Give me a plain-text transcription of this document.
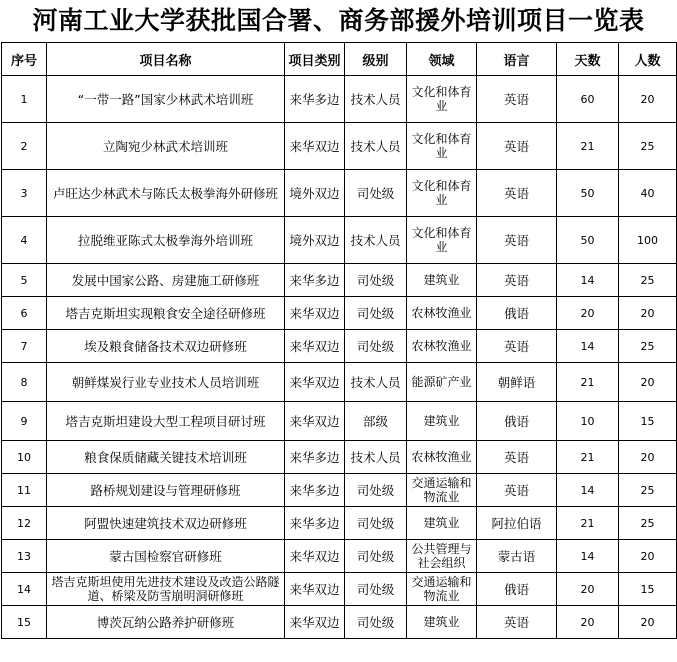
河南工业大学获批国合署、商务部援外培训项目一览表
序号	项目名称	项目类别	级别	领域	语言	天数	人数
1	“一带一路”国家少林武术培训班	来华多边	技术人员	文化和体育业	英语	60	20
2	立陶宛少林武术培训班	来华双边	技术人员	文化和体育业	英语	21	25
3	卢旺达少林武术与陈氏太极拳海外研修班	境外双边	司处级	文化和体育业	英语	50	40
4	拉脱维亚陈式太极拳海外培训班	境外双边	技术人员	文化和体育业	英语	50	100
5	发展中国家公路、房建施工研修班	来华多边	司处级	建筑业	英语	14	25
6	塔吉克斯坦实现粮食安全途径研修班	来华双边	司处级	农林牧渔业	俄语	20	20
7	埃及粮食储备技术双边研修班	来华双边	司处级	农林牧渔业	英语	14	25
8	朝鲜煤炭行业专业技术人员培训班	来华双边	技术人员	能源矿产业	朝鲜语	21	20
9	塔吉克斯坦建设大型工程项目研讨班	来华双边	部级	建筑业	俄语	10	15
10	粮食保质储藏关键技术培训班	来华多边	技术人员	农林牧渔业	英语	21	20
11	路桥规划建设与管理研修班	来华多边	司处级	交通运输和物流业	英语	14	25
12	阿盟快速建筑技术双边研修班	来华多边	司处级	建筑业	阿拉伯语	21	25
13	蒙古国检察官研修班	来华双边	司处级	公共管理与社会组织	蒙古语	14	20
14	塔吉克斯坦使用先进技术建设及改造公路隧道、桥梁及防雪崩明洞研修班	来华双边	司处级	交通运输和物流业	俄语	20	15
15	博茨瓦纳公路养护研修班	来华双边	司处级	建筑业	英语	20	20
